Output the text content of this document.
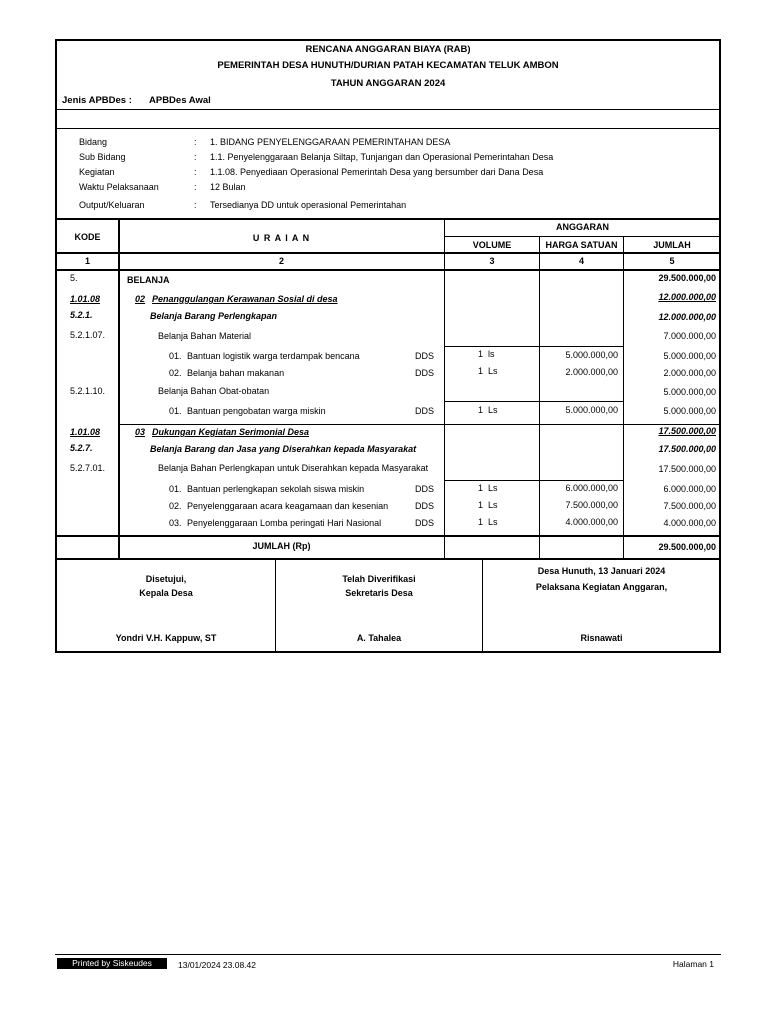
RENCANA ANGGARAN BIAYA (RAB)
PEMERINTAH DESA HUNUTH/DURIAN PATAH KECAMATAN TELUK AMBON
TAHUN ANGGARAN 2024
Jenis APBDes : APBDes Awal
Bidang	: 1. BIDANG PENYELENGGARAAN PEMERINTAHAN DESA
Sub Bidang	: 1.1. Penyelenggaraan Belanja Siltap, Tunjangan dan Operasional Pemerintahan Desa
Kegiatan	: 1.1.08. Penyediaan Operasional Pemerintah Desa yang bersumber dari Dana Desa
Waktu Pelaksanaan	: 12 Bulan
Output/Keluaran	: Tersedianya DD untuk operasional Pemerintahan
KODE	U R A I A N
ANGGARAN
VOLUME	HARGA SATUAN	JUMLAH
1	2	3	4	5
5.	BELANJA	29.500.000,00
1.01.08	02 Penanggulangan Kerawanan Sosial di desa	12.000.000,00
5.2.1.	Belanja Barang Perlengkapan	12.000.000,00
5.2.1.07.	Belanja Bahan Material	7.000.000,00
01. Bantuan logistik warga terdampak bencana	DDS	1 ls	5.000.000,00	5.000.000,00
02. Belanja bahan makanan	DDS	1 Ls	2.000.000,00	2.000.000,00
5.2.1.10.	Belanja Bahan Obat-obatan	5.000.000,00
01. Bantuan pengobatan warga miskin	DDS	1 Ls	5.000.000,00	5.000.000,00
1.01.08	03 Dukungan Kegiatan Serimonial Desa	17.500.000,00
5.2.7.	Belanja Barang dan Jasa yang Diserahkan kepada Masyarakat	17.500.000,00
5.2.7.01.	Belanja Bahan Perlengkapan untuk Diserahkan kepada Masyarakat	17.500.000,00
01. Bantuan perlengkapan sekolah siswa miskin	DDS	1 Ls	6.000.000,00	6.000.000,00
02. Penyelenggaraan acara keagamaan dan kesenian	DDS	1 Ls	7.500.000,00	7.500.000,00
03. Penyelenggaraan Lomba peringati Hari Nasional	DDS	1 Ls	4.000.000,00	4.000.000,00
JUMLAH (Rp)	29.500.000,00
Disetujui,
Kepala Desa
Yondri V.H. Kappuw, ST
Telah Diverifikasi
Sekretaris Desa
A. Tahalea
Desa Hunuth, 13 Januari 2024
Pelaksana Kegiatan Anggaran,
Risnawati
Printed by Siskeudes	13/01/2024 23.08.42	Halaman 1
